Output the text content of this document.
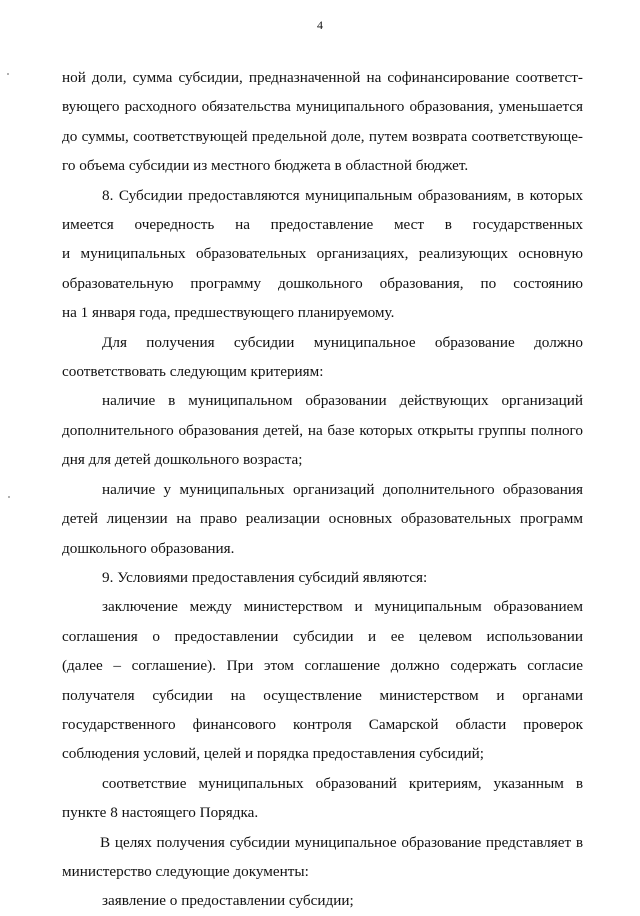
4
ной доли, сумма субсидии, предназначенной на софинансирование соответст-
вующего расходного обязательства муниципального образования, уменьшается
до суммы, соответствующей предельной доле, путем возврата соответствующе-
го объема субсидии из местного бюджета в областной бюджет.
8. Субсидии предоставляются муниципальным образованиям, в которых
имеется очередность на предоставление мест в государственных
и муниципальных образовательных организациях, реализующих основную
образовательную программу дошкольного образования, по состоянию
на 1 января года, предшествующего планируемому.
Для получения субсидии муниципальное образование должно
соответствовать следующим критериям:
наличие в муниципальном образовании действующих организаций
дополнительного образования детей, на базе которых открыты группы полного
дня для детей дошкольного возраста;
наличие у муниципальных организаций дополнительного образования
детей лицензии на право реализации основных образовательных программ
дошкольного образования.
9. Условиями предоставления субсидий являются:
заключение между министерством и муниципальным образованием
соглашения о предоставлении субсидии и ее целевом использовании
(далее – соглашение). При этом соглашение должно содержать согласие
получателя субсидии на осуществление министерством и органами
государственного финансового контроля Самарской области проверок
соблюдения условий, целей и порядка предоставления субсидий;
соответствие муниципальных образований критериям, указанным в
пункте 8 настоящего Порядка.
В целях получения субсидии муниципальное образование представляет в
министерство следующие документы:
заявление о предоставлении субсидии;
